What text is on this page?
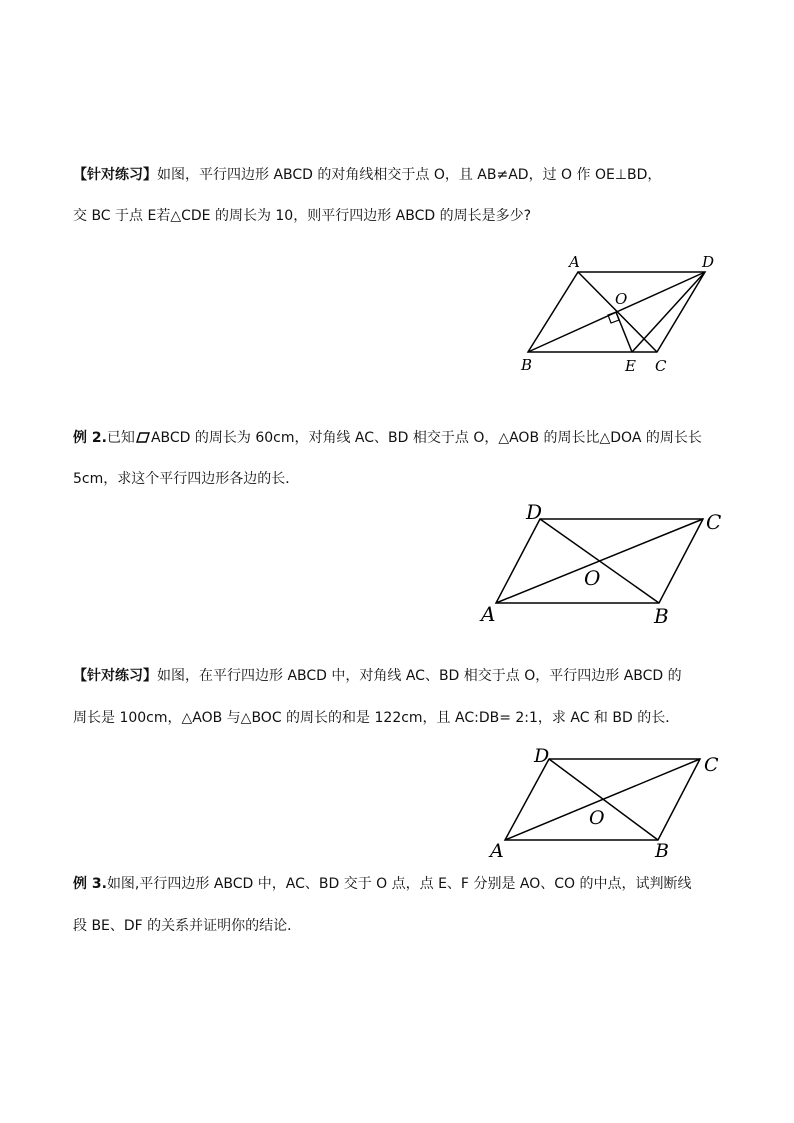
【针对练习】如图，平行四边形 ABCD 的对角线相交于点 O，且 AB≠AD，过 O 作 OE⊥BD，

交 BC 于点 E若△CDE 的周长为 10，则平行四边形 ABCD 的周长是多少?

A	D
O
B	E C

例 2.已知 ABCD 的周长为 60cm，对角线 AC、BD 相交于点 O，△AOB 的周长比△DOA 的周长长

5cm，求这个平行四边形各边的长．

D	C
O
A	B

【针对练习】如图，在平行四边形 ABCD 中，对角线 AC、BD 相交于点 O，平行四边形 ABCD 的

周长是 100cm，△AOB 与△BOC 的周长的和是 122cm，且 AC:DB= 2:1，求 AC 和 BD 的长．

D	C
O
A	B

例 3.如图,平行四边形 ABCD 中，AC、BD 交于 O 点，点 E、F 分别是 AO、CO 的中点，试判断线

段 BE、DF 的关系并证明你的结论．
